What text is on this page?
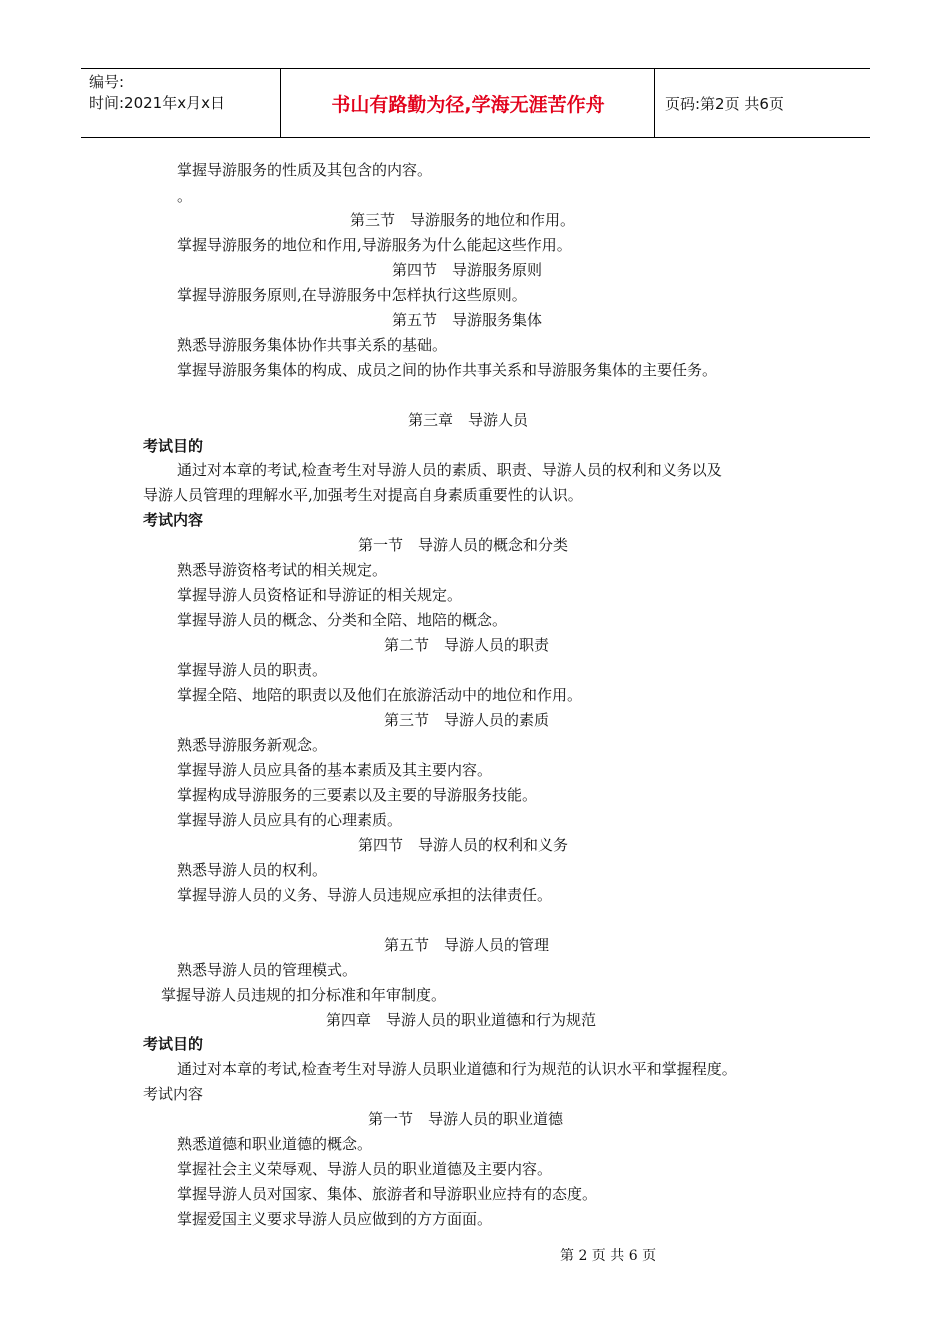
编号:
时间:2021年x月x日	书山有路勤为径,学海无涯苦作舟	页码:第2页 共6页
掌握导游服务的性质及其包含的内容。
。
第三节　导游服务的地位和作用。
掌握导游服务的地位和作用,导游服务为什么能起这些作用。
第四节　导游服务原则
掌握导游服务原则,在导游服务中怎样执行这些原则。
第五节　导游服务集体
熟悉导游服务集体协作共事关系的基础。
掌握导游服务集体的构成、成员之间的协作共事关系和导游服务集体的主要任务。
第三章　导游人员
考试目的
通过对本章的考试,检查考生对导游人员的素质、职责、导游人员的权利和义务以及
导游人员管理的理解水平,加强考生对提高自身素质重要性的认识。
考试内容
第一节　导游人员的概念和分类
熟悉导游资格考试的相关规定。
掌握导游人员资格证和导游证的相关规定。
掌握导游人员的概念、分类和全陪、地陪的概念。
第二节　导游人员的职责
掌握导游人员的职责。
掌握全陪、地陪的职责以及他们在旅游活动中的地位和作用。
第三节　导游人员的素质
熟悉导游服务新观念。
掌握导游人员应具备的基本素质及其主要内容。
掌握构成导游服务的三要素以及主要的导游服务技能。
掌握导游人员应具有的心理素质。
第四节　导游人员的权利和义务
熟悉导游人员的权利。
掌握导游人员的义务、导游人员违规应承担的法律责任。
第五节　导游人员的管理
熟悉导游人员的管理模式。
掌握导游人员违规的扣分标准和年审制度。
第四章　导游人员的职业道德和行为规范
考试目的
通过对本章的考试,检查考生对导游人员职业道德和行为规范的认识水平和掌握程度。
考试内容
第一节　导游人员的职业道德
熟悉道德和职业道德的概念。
掌握社会主义荣辱观、导游人员的职业道德及主要内容。
掌握导游人员对国家、集体、旅游者和导游职业应持有的态度。
掌握爱国主义要求导游人员应做到的方方面面。
第 2 页 共 6 页
